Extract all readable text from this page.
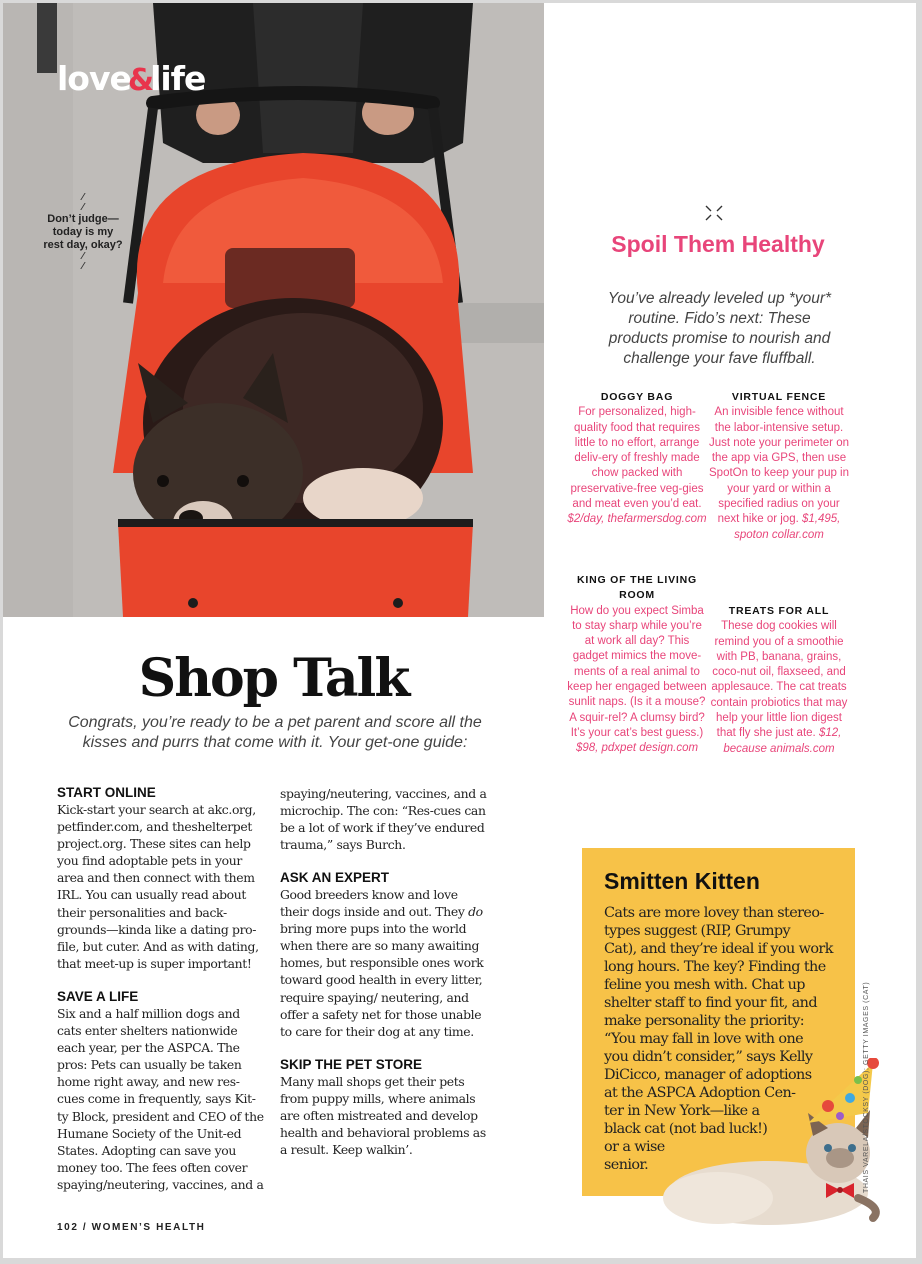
love&life
⁄
⁄
Don’t judge—today is my rest day, okay?
⁄
⁄
Shop Talk
Congrats, you’re ready to be a pet parent and score all the kisses and purrs that come with it. Your get-one guide:
START ONLINE

Kick-start your search at akc.org, petfinder.com, and theshelterpet project.org. These sites can help you find adoptable pets in your area and then connect with them IRL. You can usually read about their personalities and back-grounds—kinda like a dating pro-file, but cuter. And as with dating, that meet-up is super important!

SAVE A LIFE

Six and a half million dogs and cats enter shelters nationwide each year, per the ASPCA. The pros: Pets can usually be taken home right away, and new res-cues come in frequently, says Kit-ty Block, president and CEO of the Humane Society of the Unit-ed States. Adopting can save you money too. The fees often cover spaying/neutering, vaccines, and a

spaying/neutering, vaccines, and a microchip. The con: “Res-cues can be a lot of work if they’ve endured trauma,” says Burch.

ASK AN EXPERT

Good breeders know and love their dogs inside and out. They do bring more pups into the world when there are so many awaiting homes, but responsible ones work toward good health in every litter, require spaying/ neutering, and offer a safety net for those unable to care for their dog at any time.

SKIP THE PET STORE

Many mall shops get their pets from puppy mills, where animals are often mistreated and develop health and behavioral problems as a result. Keep walkin’.

102 / WOMEN’S HEALTH
Spoil Them Healthy
You’ve already leveled up *your* routine. Fido’s next: These products promise to nourish and challenge your fave fluffball.
DOGGY BAG

For personalized, high-quality food that requires little to no effort, arrange deliv-ery of freshly made chow packed with preservative-free veg-gies and meat even you’d eat. $2/day, thefarmersdog.com

VIRTUAL FENCE

An invisible fence without the labor-intensive setup. Just note your perimeter on the app via GPS, then use SpotOn to keep your pup in your yard or within a specified radius on your next hike or jog. $1,495, spoton collar.com

KING OF THE LIVING ROOM

How do you expect Simba to stay sharp while you’re at work all day? This gadget mimics the move-ments of a real animal to keep her engaged between sunlit naps. (Is it a mouse? A squir-rel? A clumsy bird? It’s your cat’s best guess.) $98, pdxpet design.com

TREATS FOR ALL

These dog cookies will remind you of a smoothie with PB, banana, grains, coco-nut oil, flaxseed, and applesauce. The cat treats contain probiotics that may help your little lion digest that fly she just ate. $12, because animals.com

Smitten Kitten
Cats are more lovey than stereo-
types suggest (RIP, Grumpy
Cat), and they’re ideal if you work
long hours. The key? Finding the
feline you mesh with. Chat up
shelter staff to find your fit, and
make personality the priority:
“You may fall in love with one
you didn’t consider,” says Kelly
DiCicco, manager of adoptions
at the ASPCA Adoption Cen-
ter in New York—like a
black cat (not bad luck!)
or a wise
senior.	THAIS VARELA/STOCKSY (DOG); GETTY IMAGES (CAT)
